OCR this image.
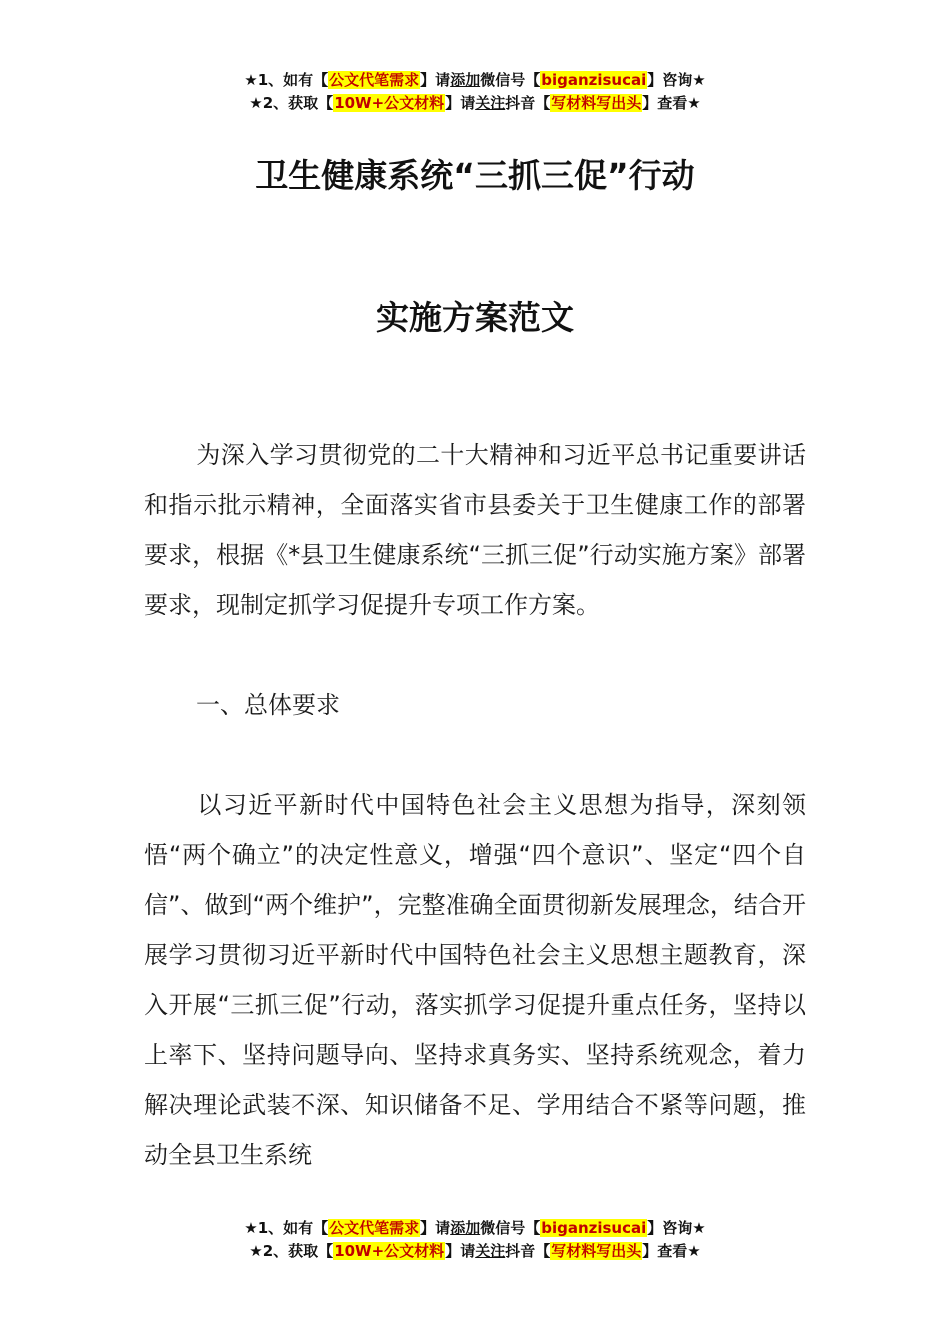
★1、如有【公文代笔需求】请添加微信号【biganzisucai】咨询★
★2、获取【10W+公文材料】请关注抖音【写材料写出头】查看★
卫生健康系统“三抓三促”行动
实施方案范文

为深入学习贯彻党的二十大精神和习近平总书记重要讲话和指示批示精神，全面落实省市县委关于卫生健康工作的部署要求，根据《*县卫生健康系统“三抓三促”行动实施方案》部署要求，现制定抓学习促提升专项工作方案。

一、总体要求

以习近平新时代中国特色社会主义思想为指导，深刻领悟“两个确立”的决定性意义，增强“四个意识”、坚定“四个自信”、做到“两个维护”，完整准确全面贯彻新发展理念，结合开展学习贯彻习近平新时代中国特色社会主义思想主题教育，深入开展“三抓三促”行动，落实抓学习促提升重点任务，坚持以上率下、坚持问题导向、坚持求真务实、坚持系统观念，着力解决理论武装不深、知识储备不足、学用结合不紧等问题，推动全县卫生系统

★1、如有【公文代笔需求】请添加微信号【biganzisucai】咨询★
★2、获取【10W+公文材料】请关注抖音【写材料写出头】查看★
